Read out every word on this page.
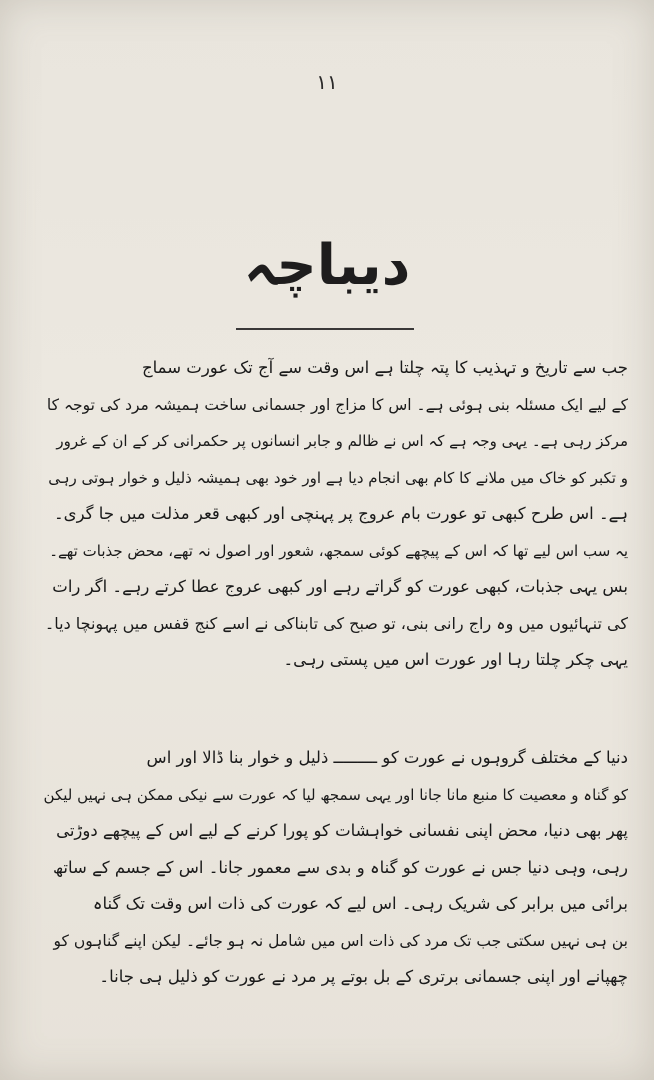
۱۱
دیباچہ
جب سے تاریخ و تہذیب کا پتہ چلتا ہے اس وقت سے آج تک عورت سماج
کے لیے ایک مسئلہ بنی ہوئی ہے۔ اس کا مزاج اور جسمانی ساخت ہمیشہ مرد کی توجہ کا
مرکز رہی ہے۔ یہی وجہ ہے کہ اس نے ظالم و جابر انسانوں پر حکمرانی کر کے ان کے غرور
و تکبر کو خاک میں ملانے کا کام بھی انجام دیا ہے اور خود بھی ہمیشہ ذلیل و خوار ہوتی رہی
ہے۔ اس طرح کبھی تو عورت بام عروج پر پہنچی اور کبھی قعر مذلت میں جا گری۔
یہ سب اس لیے تھا کہ اس کے پیچھے کوئی سمجھ، شعور اور اصول نہ تھے، محض جذبات تھے۔
بس یہی جذبات، کبھی عورت کو گراتے رہے اور کبھی عروج عطا کرتے رہے۔ اگر رات
کی تنہائیوں میں وہ راج رانی بنی، تو صبح کی تابناکی نے اسے کنج قفس میں پہونچا دیا۔
یہی چکر چلتا رہا اور عورت اس میں پستی رہی۔
دنیا کے مختلف گروہوں نے عورت کو ـــــــــ ذلیل و خوار بنا ڈالا اور اس
کو گناہ و معصیت کا منبع مانا جانا اور یہی سمجھ لیا کہ عورت سے نیکی ممکن ہی نہیں لیکن
پھر بھی دنیا، محض اپنی نفسانی خواہشات کو پورا کرنے کے لیے اس کے پیچھے دوڑتی
رہی، وہی دنیا جس نے عورت کو گناہ و بدی سے معمور جانا۔ اس کے جسم کے ساتھ
برائی میں برابر کی شریک رہی۔ اس لیے کہ عورت کی ذات اس وقت تک گناہ
بن ہی نہیں سکتی جب تک مرد کی ذات اس میں شامل نہ ہو جائے۔ لیکن اپنے گناہوں کو
چھپانے اور اپنی جسمانی برتری کے بل بوتے پر مرد نے عورت کو ذلیل ہی جانا۔
